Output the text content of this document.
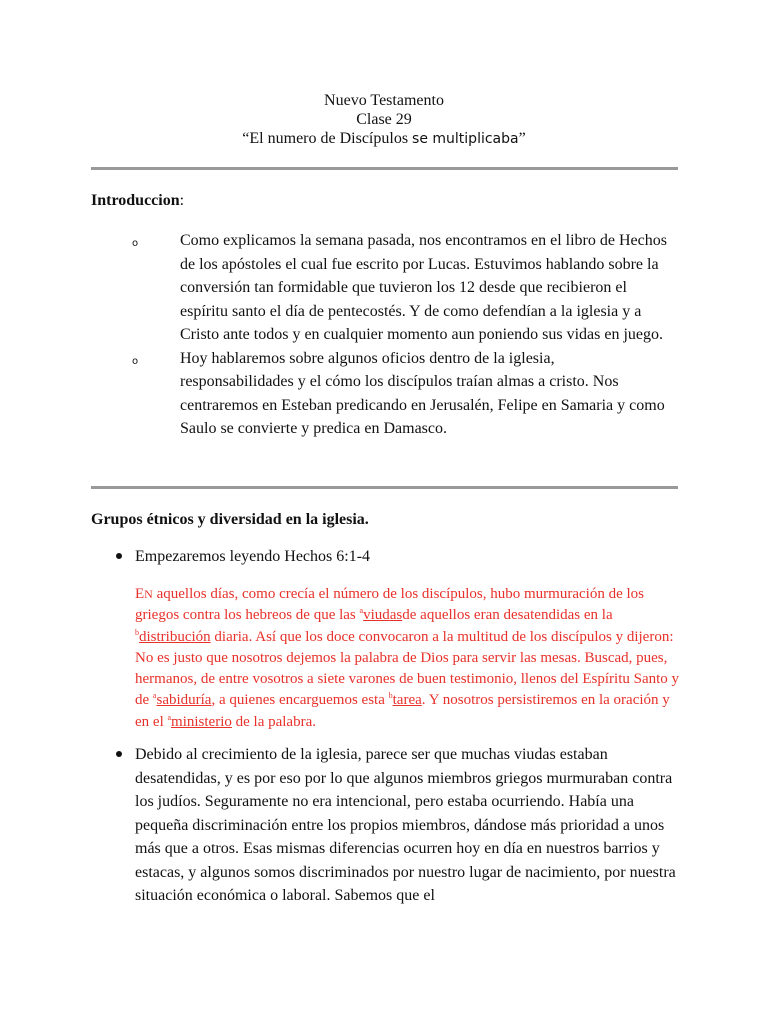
Nuevo Testamento
Clase 29
“El numero de Discípulos se multiplicaba”
Introduccion:
o	Como explicamos la semana pasada, nos encontramos en el libro de Hechos de los apóstoles el cual fue escrito por Lucas. Estuvimos hablando sobre la conversión tan formidable que tuvieron los 12 desde que recibieron el espíritu santo el día de pentecostés. Y de como defendían a la iglesia y a Cristo ante todos y en cualquier momento aun poniendo sus vidas en juego.
o	Hoy hablaremos sobre algunos oficios dentro de la iglesia, responsabilidades y el cómo los discípulos traían almas a cristo. Nos centraremos en Esteban predicando en Jerusalén, Felipe en Samaria y como Saulo se convierte y predica en Damasco.
Grupos étnicos y diversidad en la iglesia.
Empezaremos leyendo Hechos 6:1-4
EN aquellos días, como crecía el número de los discípulos, hubo murmuración de los griegos contra los hebreos de que las $^a$viudasde aquellos eran desatendidas en la $^b$distribución diaria. Así que los doce convocaron a la multitud de los discípulos y dijeron: No es justo que nosotros dejemos la palabra de Dios para servir las mesas. Buscad, pues, hermanos, de entre vosotros a siete varones de buen testimonio, llenos del Espíritu Santo y de $^a$sabiduría, a quienes encarguemos esta $^b$tarea. Y nosotros persistiremos en la oración y en el $^a$ministerio de la palabra.
Debido al crecimiento de la iglesia, parece ser que muchas viudas estaban desatendidas, y es por eso por lo que algunos miembros griegos murmuraban contra los judíos. Seguramente no era intencional, pero estaba ocurriendo. Había una pequeña discriminación entre los propios miembros, dándose más prioridad a unos más que a otros. Esas mismas diferencias ocurren hoy en día en nuestros barrios y estacas, y algunos somos discriminados por nuestro lugar de nacimiento, por nuestra situación económica o laboral. Sabemos que el
